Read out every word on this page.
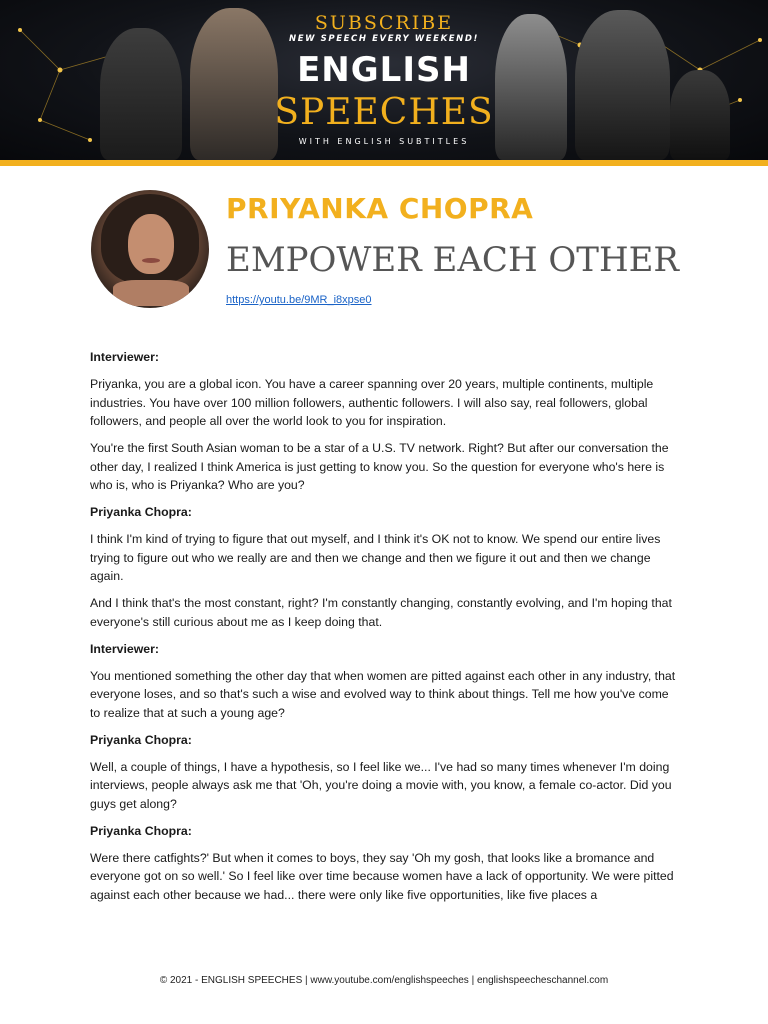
SUBSCRIBE
NEW SPEECH EVERY WEEKEND!
ENGLISH
SPEECHES
WITH ENGLISH SUBTITLES
PRIYANKA CHOPRA
EMPOWER EACH OTHER
https://youtu.be/9MR_i8xpse0
Interviewer:
Priyanka, you are a global icon. You have a career spanning over 20 years, multiple continents, multiple industries. You have over 100 million followers, authentic followers. I will also say, real followers, global followers, and people all over the world look to you for inspiration.
You're the first South Asian woman to be a star of a U.S. TV network. Right? But after our conversation the other day, I realized I think America is just getting to know you. So the question for everyone who's here is who is, who is Priyanka? Who are you?
Priyanka Chopra:
I think I'm kind of trying to figure that out myself, and I think it's OK not to know. We spend our entire lives trying to figure out who we really are and then we change and then we figure it out and then we change again.
And I think that's the most constant, right? I'm constantly changing, constantly evolving, and I'm hoping that everyone's still curious about me as I keep doing that.
Interviewer:
You mentioned something the other day that when women are pitted against each other in any industry, that everyone loses, and so that's such a wise and evolved way to think about things. Tell me how you've come to realize that at such a young age?
Priyanka Chopra:
Well, a couple of things, I have a hypothesis, so I feel like we... I've had so many times whenever I'm doing interviews, people always ask me that 'Oh, you're doing a movie with, you know, a female co-actor. Did you guys get along?
Priyanka Chopra:
Were there catfights?' But when it comes to boys, they say 'Oh my gosh, that looks like a bromance and everyone got on so well.' So I feel like over time because women have a lack of opportunity. We were pitted against each other because we had... there were only like five opportunities, like five places a
© 2021 - ENGLISH SPEECHES | www.youtube.com/englishspeeches | englishspeecheschannel.com
